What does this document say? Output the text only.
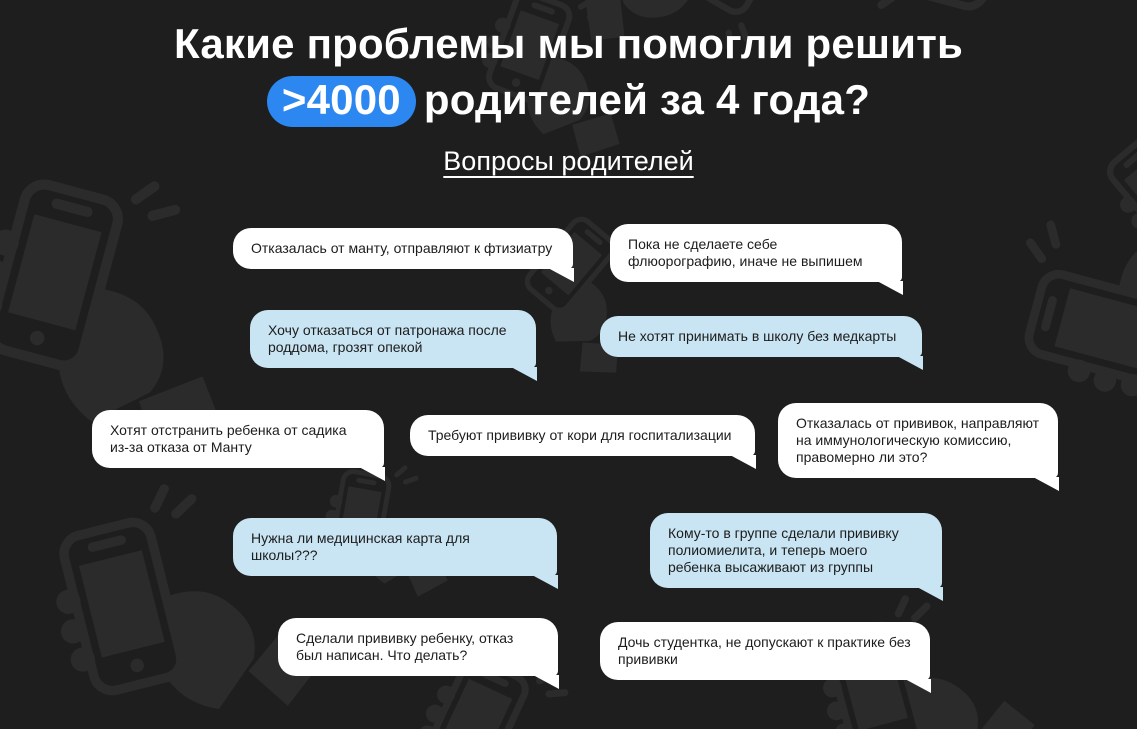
Какие проблемы мы помогли решить
>4000 родителей за 4 года?
Вопросы родителей
Отказалась от манту, отправляют к фтизиатру	Пока не сделаете себе флюорографию, иначе не выпишем
Хочу отказаться от патронажа после роддома, грозят опекой
Не хотят принимать в школу без медкарты
Хотят отстранить ребенка от садика из-за отказа от Манту
Требуют прививку от кори для госпитализации
Отказалась от прививок, направляют на иммунологическую комиссию, правомерно ли это?
Нужна ли медицинская карта для школы???
Кому-то в группе сделали прививку полиомиелита, и теперь моего ребенка высаживают из группы
Сделали прививку ребенку, отказ был написан. Что делать?
Дочь студентка, не допускают к практике без прививки
